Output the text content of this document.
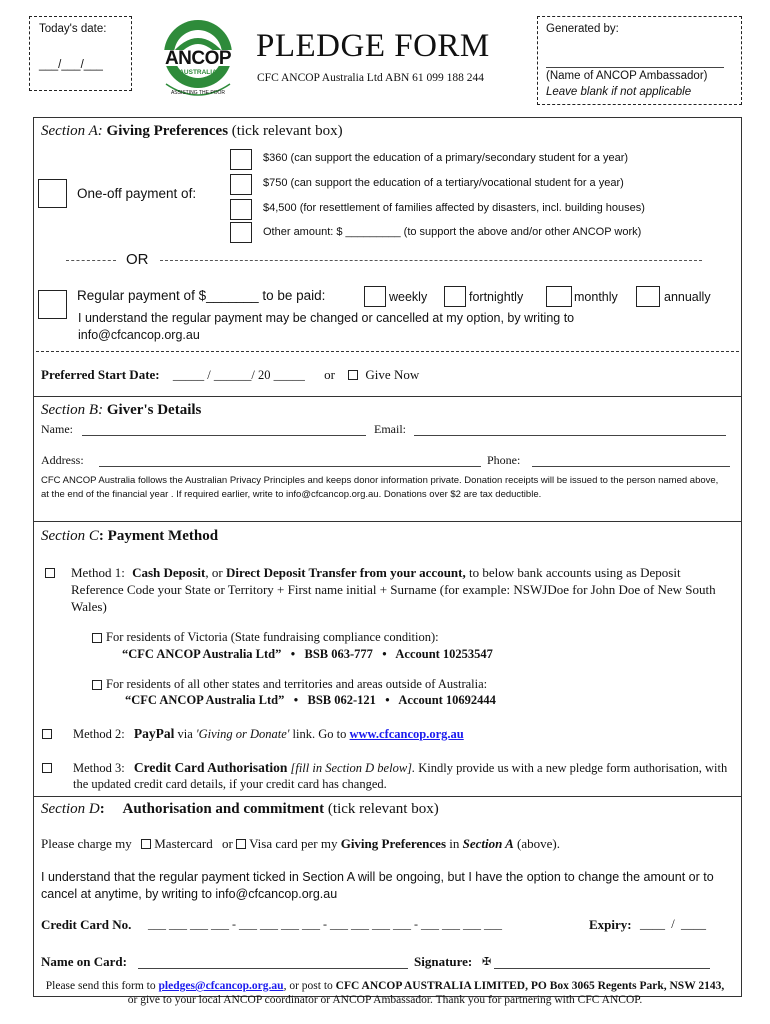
Today's date:
___/___/___	ANCOP
AUSTRALIA
ASSISTING THE POOR
PLEDGE FORM
CFC ANCOP Australia Ltd ABN 61 099 188 244
Generated by:
(Name of ANCOP Ambassador)
Leave blank if not applicable
Section A: Giving Preferences (tick relevant box)
One-off payment of:
$360 (can support the education of a primary/secondary student for a year)
$750 (can support the education of a tertiary/vocational student for a year)
$4,500 (for resettlement of families affected by disasters, incl. building houses)
Other amount: $ _________ (to support the above and/or other ANCOP work)
OR
Regular payment of $_______ to be paid:	weekly	fortnightly	monthly	annually
I understand the regular payment may be changed or cancelled at my option, by writing to
info@cfcancop.org.au
Preferred Start Date: _____ / ______/ 20 _____ or Give Now
Section B: Giver's Details
Name:	Email:
Address:	Phone:
CFC ANCOP Australia follows the Australian Privacy Principles and keeps donor information private. Donation receipts will be issued to the person named above, at the end of the financial year . If required earlier, write to info@cfcancop.org.au. Donations over $2 are tax deductible.
Section C: Payment Method
Method 1: Cash Deposit, or Direct Deposit Transfer from your account, to below bank accounts using as Deposit Reference Code your State or Territory + First name initial + Surname (for example: NSWJDoe for John Doe of New South Wales)
For residents of Victoria (State fundraising compliance condition):
“CFC ANCOP Australia Ltd”   •   BSB 063-777   •   Account 10253547
For residents of all other states and territories and areas outside of Australia:
“CFC ANCOP Australia Ltd”   •   BSB 062-121   •   Account 10692444
Method 2: PayPal via 'Giving or Donate' link. Go to www.cfcancop.org.au
Method 3: Credit Card Authorisation [fill in Section D below]. Kindly provide us with a new pledge form authorisation, with the updated credit card details, if your credit card has changed.
Section D: Authorisation and commitment (tick relevant box)
Please charge my Mastercard or Visa card per my Giving Preferences in Section A (above).
I understand that the regular payment ticked in Section A will be ongoing, but I have the option to change the amount or to cancel at anytime, by writing to info@cfcancop.org.au
Credit Card No. ___ ___ ___ ___ - ___ ___ ___ ___ - ___ ___ ___ ___ - ___ ___ ___ ___	Expiry: ____  /  ____
Name on Card:	Signature: ✠
Please send this form to pledges@cfcancop.org.au, or post to CFC ANCOP AUSTRALIA LIMITED, PO Box 3065 Regents Park, NSW 2143, or give to your local ANCOP coordinator or ANCOP Ambassador. Thank you for partnering with CFC ANCOP.
